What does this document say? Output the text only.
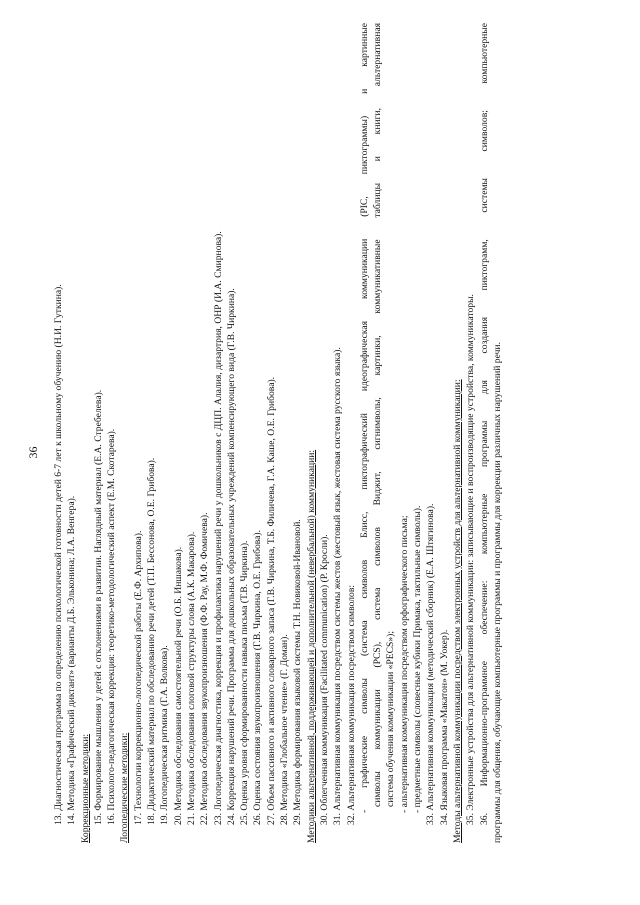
36 13. Диагностическая программа по определению психологической готовности детей 6-7 лет к школьному обучению (Н.И. Гуткина). 14. Методика «Графический диктант» (варианты Д.Б. Эльконина; Л.А. Венгера). Коррекционные методики: 15. Формирование мышления у детей с отклонениями в развитии. Наглядный материал (Е.А. Стребелева). 16. Психолого-педагогическая коррекция: теоретико-методологический аспект (Е.М. Скотарева). Логопедические методики: 17. Технологии коррекционно-логопедической работы (Е.Ф. Архипова). 18. Дидактический материал по обследованию речи детей (Т.П. Бессонова, О.Е. Грибова). 19. Логопедическая ритмика (Г.А. Волкова). 20. Методика обследования самостоятельной речи (О.Б. Иншакова). 21. Методика обследования слоговой структуры слова (А.К. Макарова). 22. Методика обследования звукопроизношения (Ф.Ф. Рау, М.Ф. Фомичева). 23. Логопедическая диагностика, коррекция и профилактика нарушений речи у дошкольников с ДЦП. Алалия, дизартрия, ОНР (И.А. Смирнова). 24. Коррекция нарушений речи. Программа для дошкольных образовательных учреждений компенсирующего вида (Г.В. Чиркина). 25. Оценка уровня сформированности навыка письма (Т.В. Чиркина). 26. Оценка состояния звукопроизношения (Г.В. Чиркина, О.Е. Грибова). 27. Объем пассивного и активного словарного запаса (Г.В. Чиркина, Т.Б. Филичева, Г.А. Каше, О.Е. Грибова). 28. Методика «Глобальное чтение» (Г. Доман). 29. Методика формирования языковой системы Т.Н. Новиковой-Ивановой. Методики альтернативной, поддерживающей и дополнительной (невербальной) коммуникации: 30. Облегченная коммуникация (Facilitated communication) (Р. Кросли). 31. Альтернативная коммуникация посредством системы жестов (жестовый язык, жестовая система русского языка). 32. Альтернативная коммуникация посредством символов: - графические символы (система символов Блисс, пиктографический идеографическая коммуникации (PIC, пиктограммы) и картинные символы коммуникации (PCS), система символов Виджит, сигнимволы, картинки, коммуникативные таблицы и книги, альтернативная система обучения коммуникации «PECS»); - альтернативная коммуникация посредством орфографического письма; - предметные символы (словесные кубики Примака, тактильные символы). 33. Альтернативная коммуникация (методический сборник) (Е.А. Штягинова). 34. Языковая программа «Макатон» (М. Уокер). Методы альтернативной коммуникации посредством электронных устройств для альтернативной коммуникации: 35. Электронные устройства для альтернативной коммуникации: записывающие и воспроизводящие устройства, коммуникаторы. 36. Информационно-программное обеспечение: компьютерные программы для создания пиктограмм, системы символов; компьютерные программы для общения, обучающие компьютерные программы и программы для коррекции различных нарушений речи.
